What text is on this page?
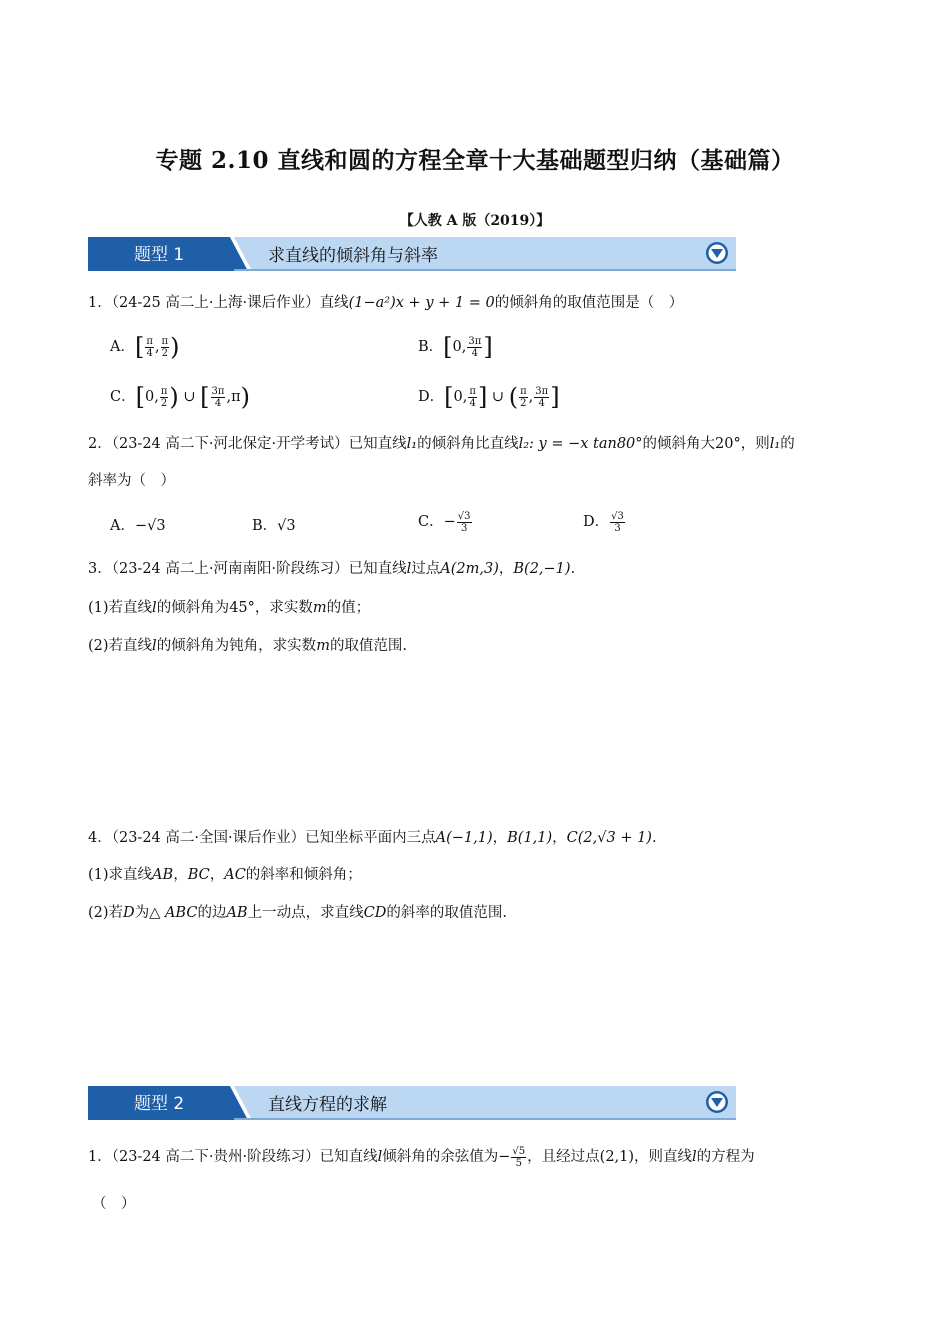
专题 2.10 直线和圆的方程全章十大基础题型归纳（基础篇）
【人教 A 版（2019）】
题型 1	求直线的倾斜角与斜率
1．（24-25 高二上·上海·课后作业）直线(1−a²)x + y + 1 = 0的倾斜角的取值范围是（　）
A．[ $\frac{\pi}{4}$ , $\frac{\pi}{2}$ )	B．[0, $\frac{3\pi}{4}$ ]
C．[0, $\frac{\pi}{2}$ ) ∪ [ $\frac{3\pi}{4} ,\pi$)	D．[0, $\frac{\pi}{4}$ ] ∪ ( $\frac{\pi}{2}$ , $\frac{3\pi}{4}$ ]
2．（23-24 高二下·河北保定·开学考试）已知直线l₁的倾斜角比直线l₂: y = −x tan80°的倾斜角大20°，则l₁的
斜率为（　）
A．−√3	B．√3	C．− $\frac{√3}{3}$	D． $\frac{√3}{3}$
3．（23-24 高二上·河南南阳·阶段练习）已知直线l过点A(2m,3)，B(2,−1).
(1)若直线l的倾斜角为45°，求实数m的值；
(2)若直线l的倾斜角为钝角，求实数m的取值范围.
4．（23-24 高二·全国·课后作业）已知坐标平面内三点A(−1,1)，B(1,1)，C(2,√3 + 1).
(1)求直线AB，BC，AC的斜率和倾斜角；
(2)若D为△ ABC的边AB上一动点，求直线CD的斜率的取值范围.
题型 2	直线方程的求解
1．（23-24 高二下·贵州·阶段练习）已知直线l倾斜角的余弦值为− $\frac{√5}{5}$ ，且经过点(2,1)，则直线l的方程为
（　）
